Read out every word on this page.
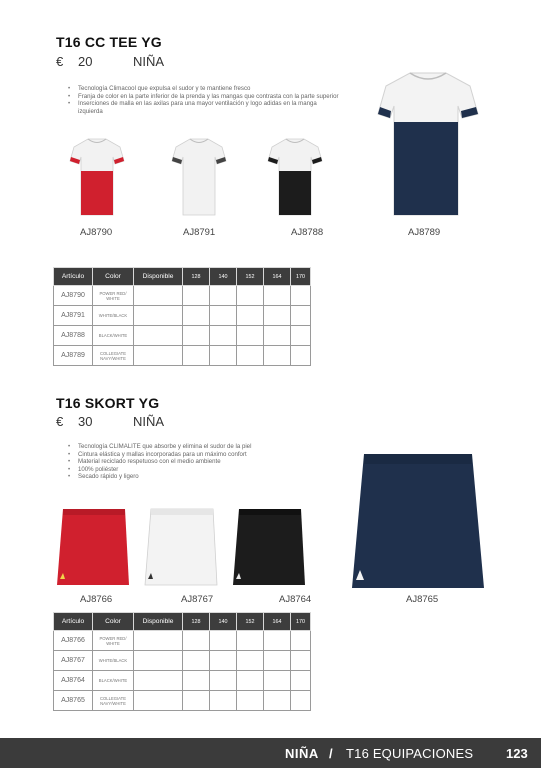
T16 CC TEE YG
€ 20	NIÑA
• Tecnología Climacool que expulsa el sudor y te mantiene fresco
• Franja de color en la parte inferior de la prenda y las mangas que contrasta con la parte superior
• Inserciones de malla en las axilas para una mayor ventilación y logo adidas en la manga izquierda
AJ8790	AJ8791	AJ8788	AJ8789
Artículo	Color	Disponible	128	140	152	164	170
AJ8790	POWER RED/ WHITE						
AJ8791	WHITE/BLACK						
AJ8788	BLACK/WHITE						
AJ8789	COLLEGIATE NAVY/WHITE						
T16 SKORT YG
€ 30	NIÑA
• Tecnología CLIMALITE que absorbe y elimina el sudor de la piel
• Cintura elástica y mallas incorporadas para un máximo confort
• Material reciclado respetuoso con el medio ambiente
• 100% poliéster
• Secado rápido y ligero
AJ8766	AJ8767	AJ8764	AJ8765
Artículo	Color	Disponible	128	140	152	164	170
AJ8766	POWER RED/ WHITE						
AJ8767	WHITE/BLACK						
AJ8764	BLACK/WHITE						
AJ8765	COLLEGIATE NAVY/WHITE						
NIÑA / T16 EQUIPACIONES	123
